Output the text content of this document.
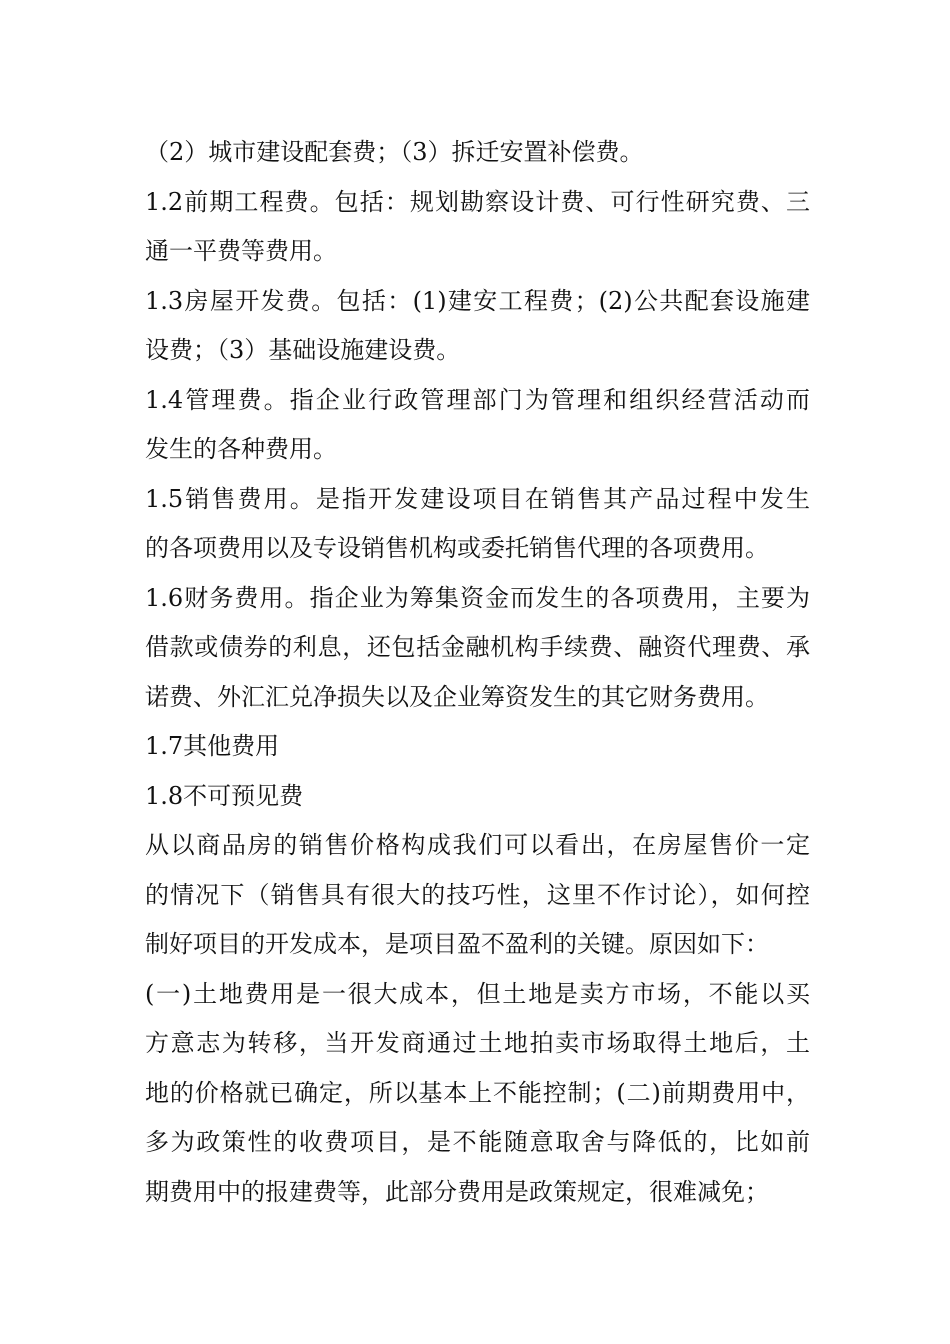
（2）城市建设配套费；（3）拆迁安置补偿费。
1.2前期工程费。包括：规划勘察设计费、可行性研究费、三
通一平费等费用。
1.3房屋开发费。包括：(1)建安工程费；(2)公共配套设施建
设费；（3）基础设施建设费。
1.4管理费。指企业行政管理部门为管理和组织经营活动而
发生的各种费用。
1.5销售费用。是指开发建设项目在销售其产品过程中发生
的各项费用以及专设销售机构或委托销售代理的各项费用。
1.6财务费用。指企业为筹集资金而发生的各项费用，主要为
借款或债券的利息，还包括金融机构手续费、融资代理费、承
诺费、外汇汇兑净损失以及企业筹资发生的其它财务费用。
1.7其他费用
1.8不可预见费
从以商品房的销售价格构成我们可以看出，在房屋售价一定
的情况下（销售具有很大的技巧性，这里不作讨论），如何控
制好项目的开发成本，是项目盈不盈利的关键。原因如下：
(一)土地费用是一很大成本，但土地是卖方市场，不能以买
方意志为转移，当开发商通过土地拍卖市场取得土地后，土
地的价格就已确定，所以基本上不能控制；(二)前期费用中，
多为政策性的收费项目，是不能随意取舍与降低的，比如前
期费用中的报建费等，此部分费用是政策规定，很难减免；
